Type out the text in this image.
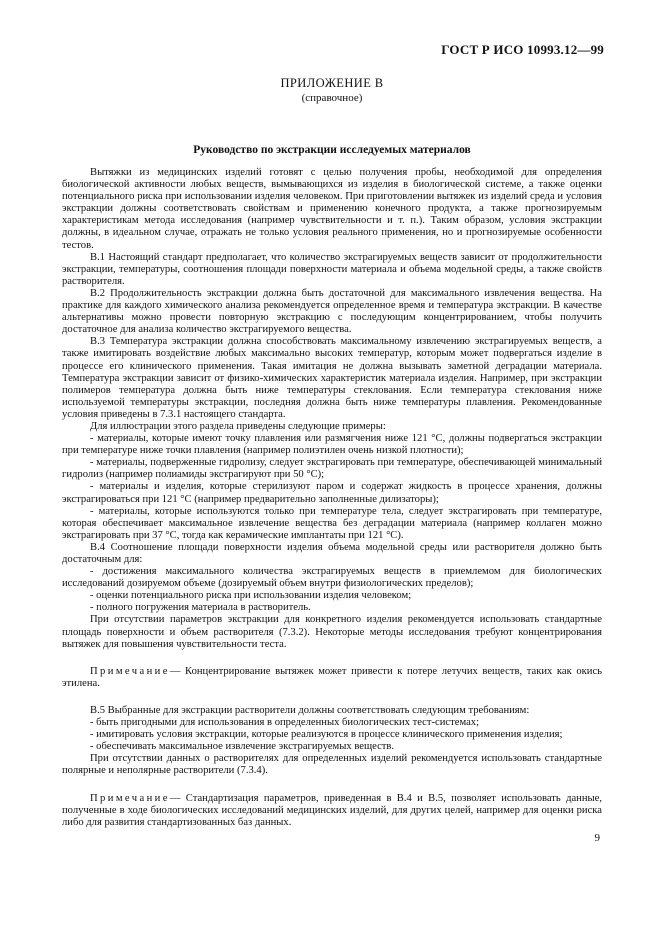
ГОСТ Р ИСО 10993.12—99
ПРИЛОЖЕНИЕ В
(справочное)
Руководство по экстракции исследуемых материалов

Вытяжки из медицинских изделий готовят с целью получения пробы, необходимой для определения биологической активности любых веществ, вымывающихся из изделия в биологической системе, а также оценки потенциального риска при использовании изделия человеком. При приготовлении вытяжек из изделий среда и условия экстракции должны соответствовать свойствам и применению конечного продукта, а также прогнозируемым характеристикам метода исследования (например чувствительности и т. п.). Таким образом, условия экстракции должны, в идеальном случае, отражать не только условия реального применения, но и прогнозируемые особенности тестов.

В.1 Настоящий стандарт предполагает, что количество экстрагируемых веществ зависит от продолжительности экстракции, температуры, соотношения площади поверхности материала и объема модельной среды, а также свойств растворителя.

В.2 Продолжительность экстракции должна быть достаточной для максимального извлечения вещества. На практике для каждого химического анализа рекомендуется определенное время и температура экстракции. В качестве альтернативы можно провести повторную экстракцию с последующим концентрированием, чтобы получить достаточное для анализа количество экстрагируемого вещества.

В.3 Температура экстракции должна способствовать максимальному извлечению экстрагируемых веществ, а также имитировать воздействие любых максимально высоких температур, которым может подвергаться изделие в процессе его клинического применения. Такая имитация не должна вызывать заметной деградации материала. Температура экстракции зависит от физико-химических характеристик материала изделия. Например, при экстракции полимеров температура должна быть ниже температуры стеклования. Если температура стеклования ниже используемой температуры экстракции, последняя должна быть ниже температуры плавления. Рекомендованные условия приведены в 7.3.1 настоящего стандарта.

Для иллюстрации этого раздела приведены следующие примеры:

- материалы, которые имеют точку плавления или размягчения ниже 121 °С, должны подвергаться экстракции при температуре ниже точки плавления (например полиэтилен очень низкой плотности);

- материалы, подверженные гидролизу, следует экстрагировать при температуре, обеспечивающей минимальный гидролиз (например полиамиды экстрагируют при 50 °С);

- материалы и изделия, которые стерилизуют паром и содержат жидкость в процессе хранения, должны экстрагироваться при 121 °С (например предварительно заполненные дилизаторы);

- материалы, которые используются только при температуре тела, следует экстрагировать при температуре, которая обеспечивает максимальное извлечение вещества без деградации материала (например коллаген можно экстрагировать при 37 °С, тогда как керамические имплантаты при 121 °С).

В.4 Соотношение площади поверхности изделия объема модельной среды или растворителя должно быть достаточным для:

- достижения максимального количества экстрагируемых веществ в приемлемом для биологических исследований дозируемом объеме (дозируемый объем внутри физиологических пределов);

- оценки потенциального риска при использовании изделия человеком;

- полного погружения материала в растворитель.

При отсутствии параметров экстракции для конкретного изделия рекомендуется использовать стандартные площадь поверхности и объем растворителя (7.3.2). Некоторые методы исследования требуют концентрирования вытяжек для повышения чувствительности теста.

Примечание— Концентрирование вытяжек может привести к потере летучих веществ, таких как окись этилена.

В.5 Выбранные для экстракции растворители должны соответствовать следующим требованиям:

- быть пригодными для использования в определенных биологических тест-системах;

- имитировать условия экстракции, которые реализуются в процессе клинического применения изделия;

- обеспечивать максимальное извлечение экстрагируемых веществ.

При отсутствии данных о растворителях для определенных изделий рекомендуется использовать стандартные полярные и неполярные растворители (7.3.4).

Примечание— Стандартизация параметров, приведенная в В.4 и В.5, позволяет использовать данные, полученные в ходе биологических исследований медицинских изделий, для других целей, например для оценки риска либо для развития стандартизованных баз данных.

9
